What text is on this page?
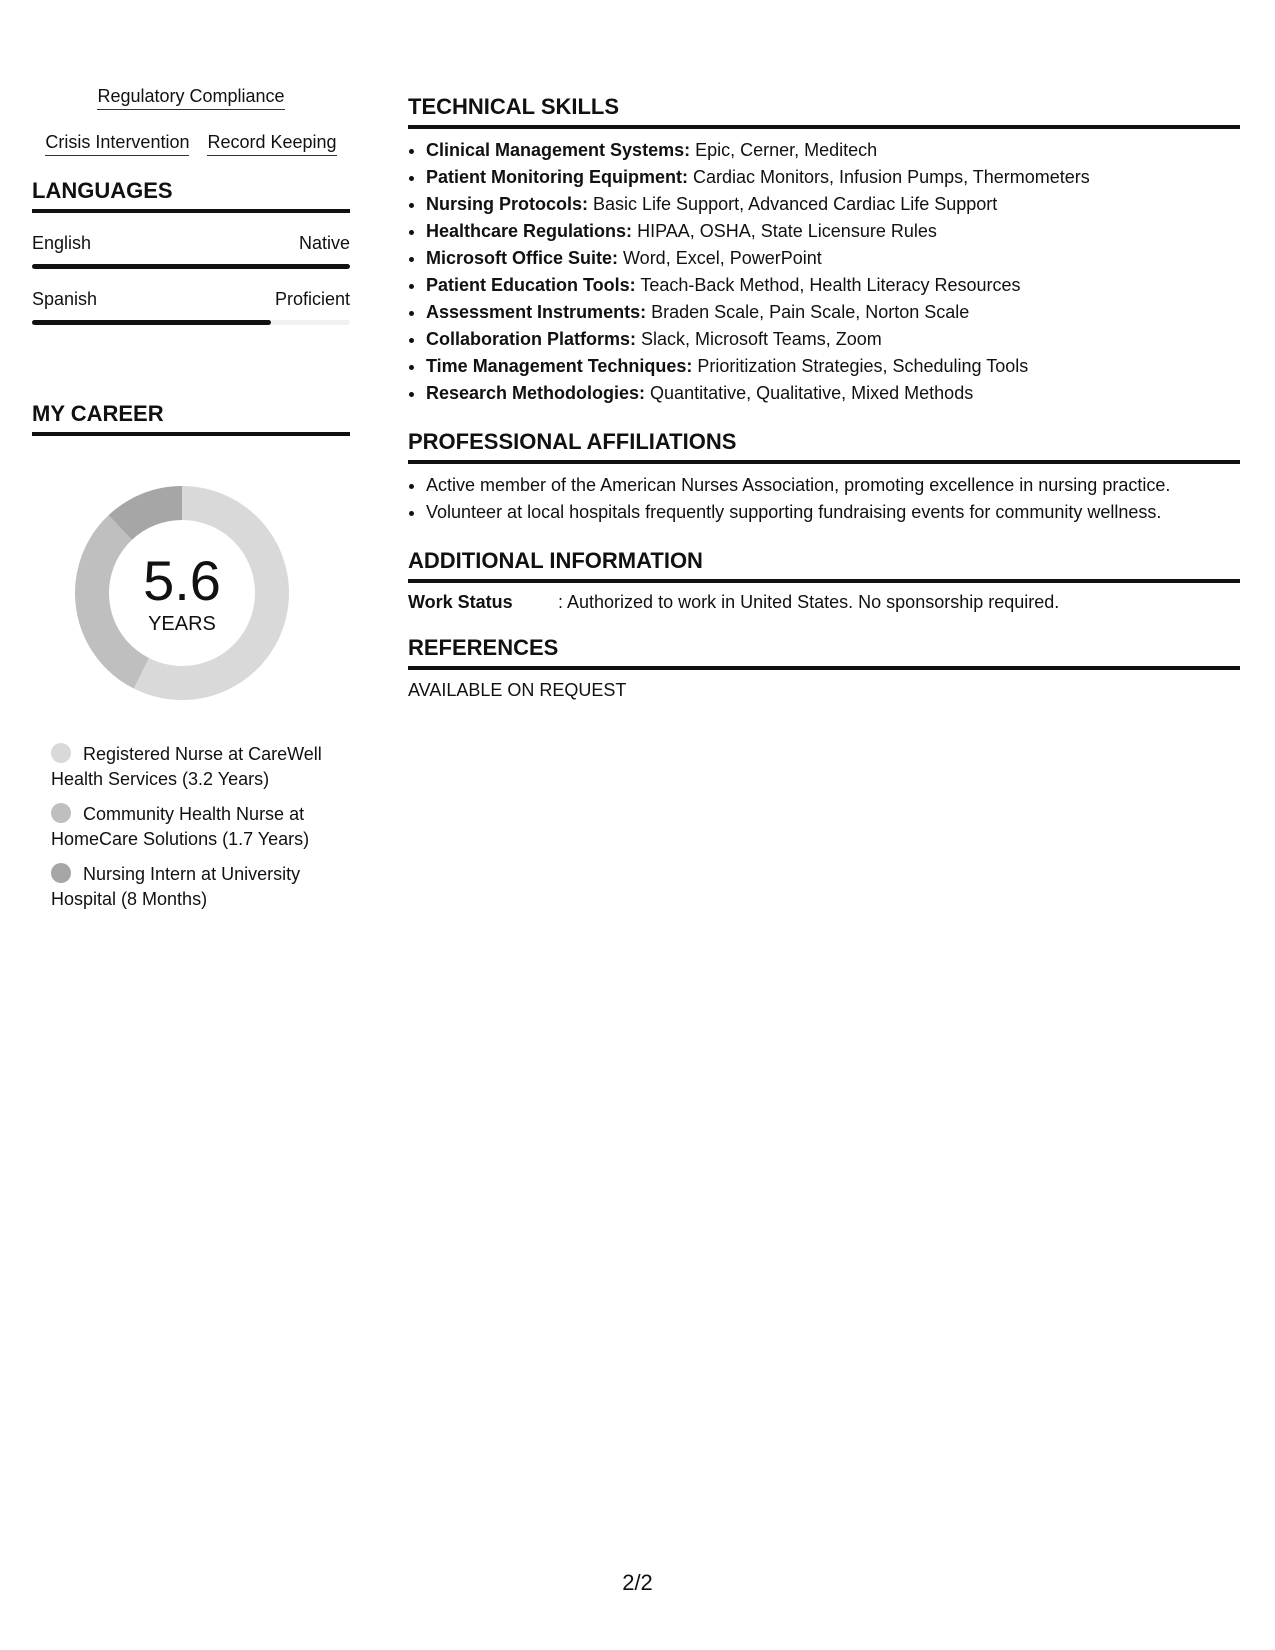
Regulatory Compliance
Crisis Intervention Record Keeping
LANGUAGES
English	Native
Spanish	Proficient
MY CAREER
5.6
YEARS
Registered Nurse at CareWell Health Services (3.2 Years)
Community Health Nurse at HomeCare Solutions (1.7 Years)
Nursing Intern at University Hospital (8 Months)
TECHNICAL SKILLS
• Clinical Management Systems: Epic, Cerner, Meditech
• Patient Monitoring Equipment: Cardiac Monitors, Infusion Pumps, Thermometers
• Nursing Protocols: Basic Life Support, Advanced Cardiac Life Support
• Healthcare Regulations: HIPAA, OSHA, State Licensure Rules
• Microsoft Office Suite: Word, Excel, PowerPoint
• Patient Education Tools: Teach-Back Method, Health Literacy Resources
• Assessment Instruments: Braden Scale, Pain Scale, Norton Scale
• Collaboration Platforms: Slack, Microsoft Teams, Zoom
• Time Management Techniques: Prioritization Strategies, Scheduling Tools
• Research Methodologies: Quantitative, Qualitative, Mixed Methods
PROFESSIONAL AFFILIATIONS
• Active member of the American Nurses Association, promoting excellence in nursing practice.
• Volunteer at local hospitals frequently supporting fundraising events for community wellness.
ADDITIONAL INFORMATION
Work Status	: Authorized to work in United States. No sponsorship required.
REFERENCES
AVAILABLE ON REQUEST
2/2
